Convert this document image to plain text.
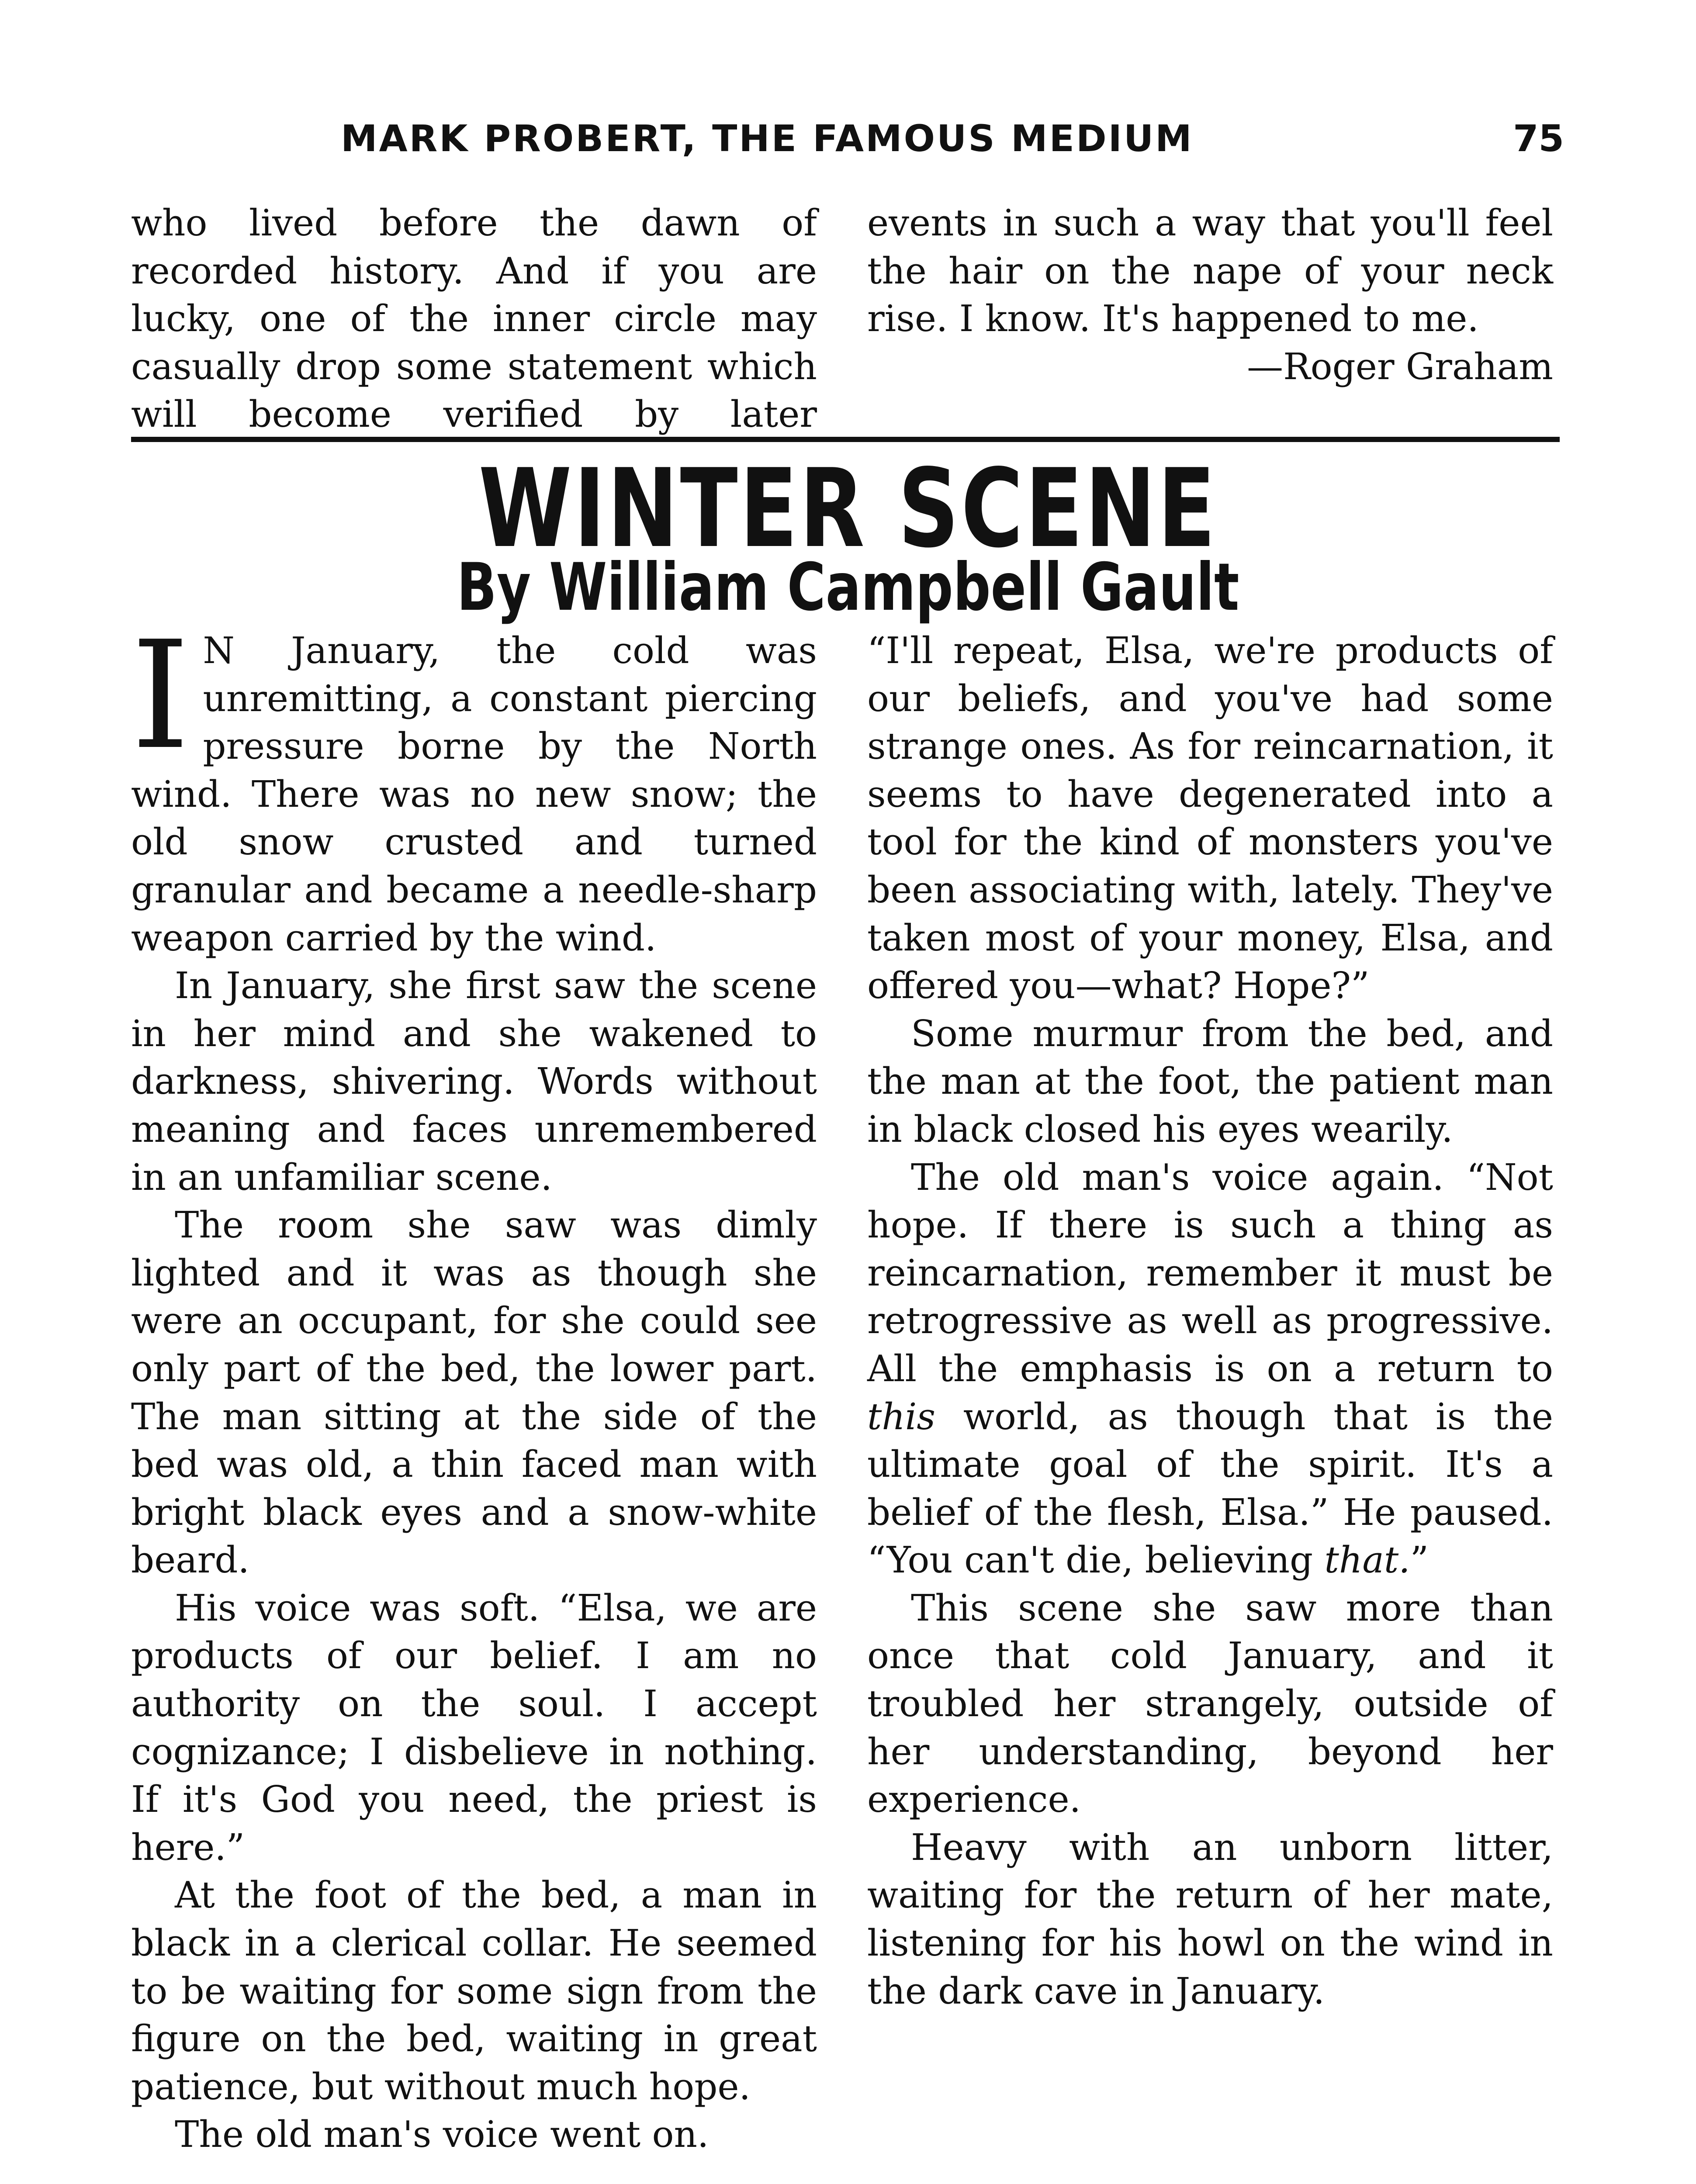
MARK PROBERT, THE FAMOUS MEDIUM	75

who lived before the dawn of recorded history. And if you are lucky, one of the inner circle may casually drop some statement which will become verified by later

events in such a way that you'll feel the hair on the nape of your neck rise. I know. It's happened to me.

—Roger Graham

WINTER SCENE
By William Campbell Gault

I N January, the cold was unremitting, a constant piercing pressure borne by the North wind. There was no new snow; the old snow crusted and turned granular and became a needle-sharp weapon carried by the wind.

In January, she first saw the scene in her mind and she wakened to darkness, shivering. Words without meaning and faces unremembered in an unfamiliar scene.

The room she saw was dimly lighted and it was as though she were an occupant, for she could see only part of the bed, the lower part. The man sitting at the side of the bed was old, a thin faced man with bright black eyes and a snow-white beard.

His voice was soft. “Elsa, we are products of our belief. I am no authority on the soul. I accept cognizance; I disbelieve in nothing. If it's God you need, the priest is here.”

At the foot of the bed, a man in black in a clerical collar. He seemed to be waiting for some sign from the figure on the bed, waiting in great patience, but without much hope.

The old man's voice went on.

“I'll repeat, Elsa, we're products of our beliefs, and you've had some strange ones. As for reincarnation, it seems to have degenerated into a tool for the kind of monsters you've been associating with, lately. They've taken most of your money, Elsa, and offered you—what? Hope?”

Some murmur from the bed, and the man at the foot, the patient man in black closed his eyes wearily.

The old man's voice again. “Not hope. If there is such a thing as reincarnation, remember it must be retrogressive as well as progressive. All the emphasis is on a return to this world, as though that is the ultimate goal of the spirit. It's a belief of the flesh, Elsa.” He paused. “You can't die, believing that.”

This scene she saw more than once that cold January, and it troubled her strangely, outside of her understanding, beyond her experience.

Heavy with an unborn litter, waiting for the return of her mate, listening for his howl on the wind in the dark cave in January.
